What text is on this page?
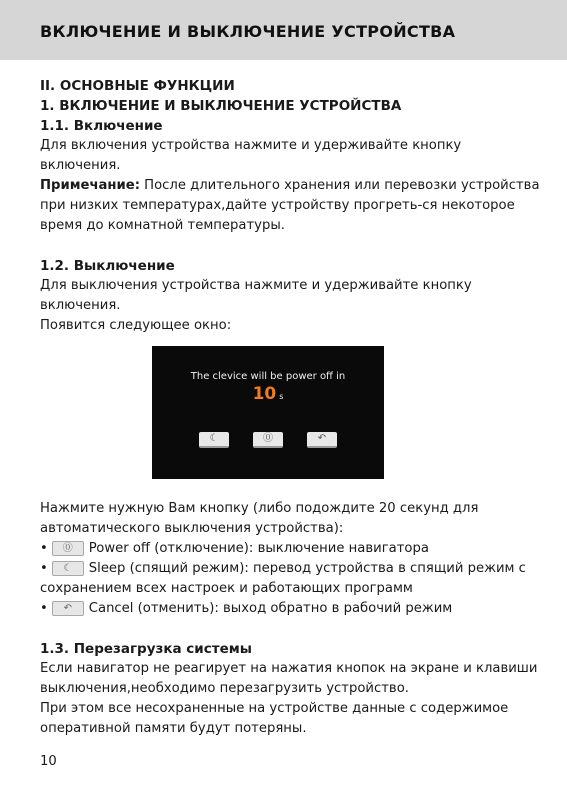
ВКЛЮЧЕНИЕ И ВЫКЛЮЧЕНИЕ УСТРОЙСТВА
II. ОСНОВНЫЕ ФУНКЦИИ
1. ВКЛЮЧЕНИЕ И ВЫКЛЮЧЕНИЕ УСТРОЙСТВА
1.1. Включение

Для включения устройства нажмите и удерживайте кнопку включения.

Примечание: После длительного хранения или перевозки устройства при низких температурах,дайте устройству прогреть-ся некоторое время до комнатной температуры.

1.2. Выключение

Для выключения устройства нажмите и удерживайте кнопку включения.

Появится следующее окно:

The clevice will be power off in
10 s
☾	⓪	↶

Нажмите нужную Вам кнопку (либо подождите 20 секунд для автоматического выключения устройства):

• ⓪ Power off (отключение): выключение навигатора
• ☾ Sleep (спящий режим): перевод устройства в спящий режим с сохранением всех настроек и работающих программ
• ↶ Cancel (отменить): выход обратно в рабочий режим
1.3. Перезагрузка системы

Если навигатор не реагирует на нажатия кнопок на экране и клавиши выключения,необходимо перезагрузить устройство.

При этом все несохраненные на устройстве данные с содержимое оперативной памяти будут потеряны.

10
